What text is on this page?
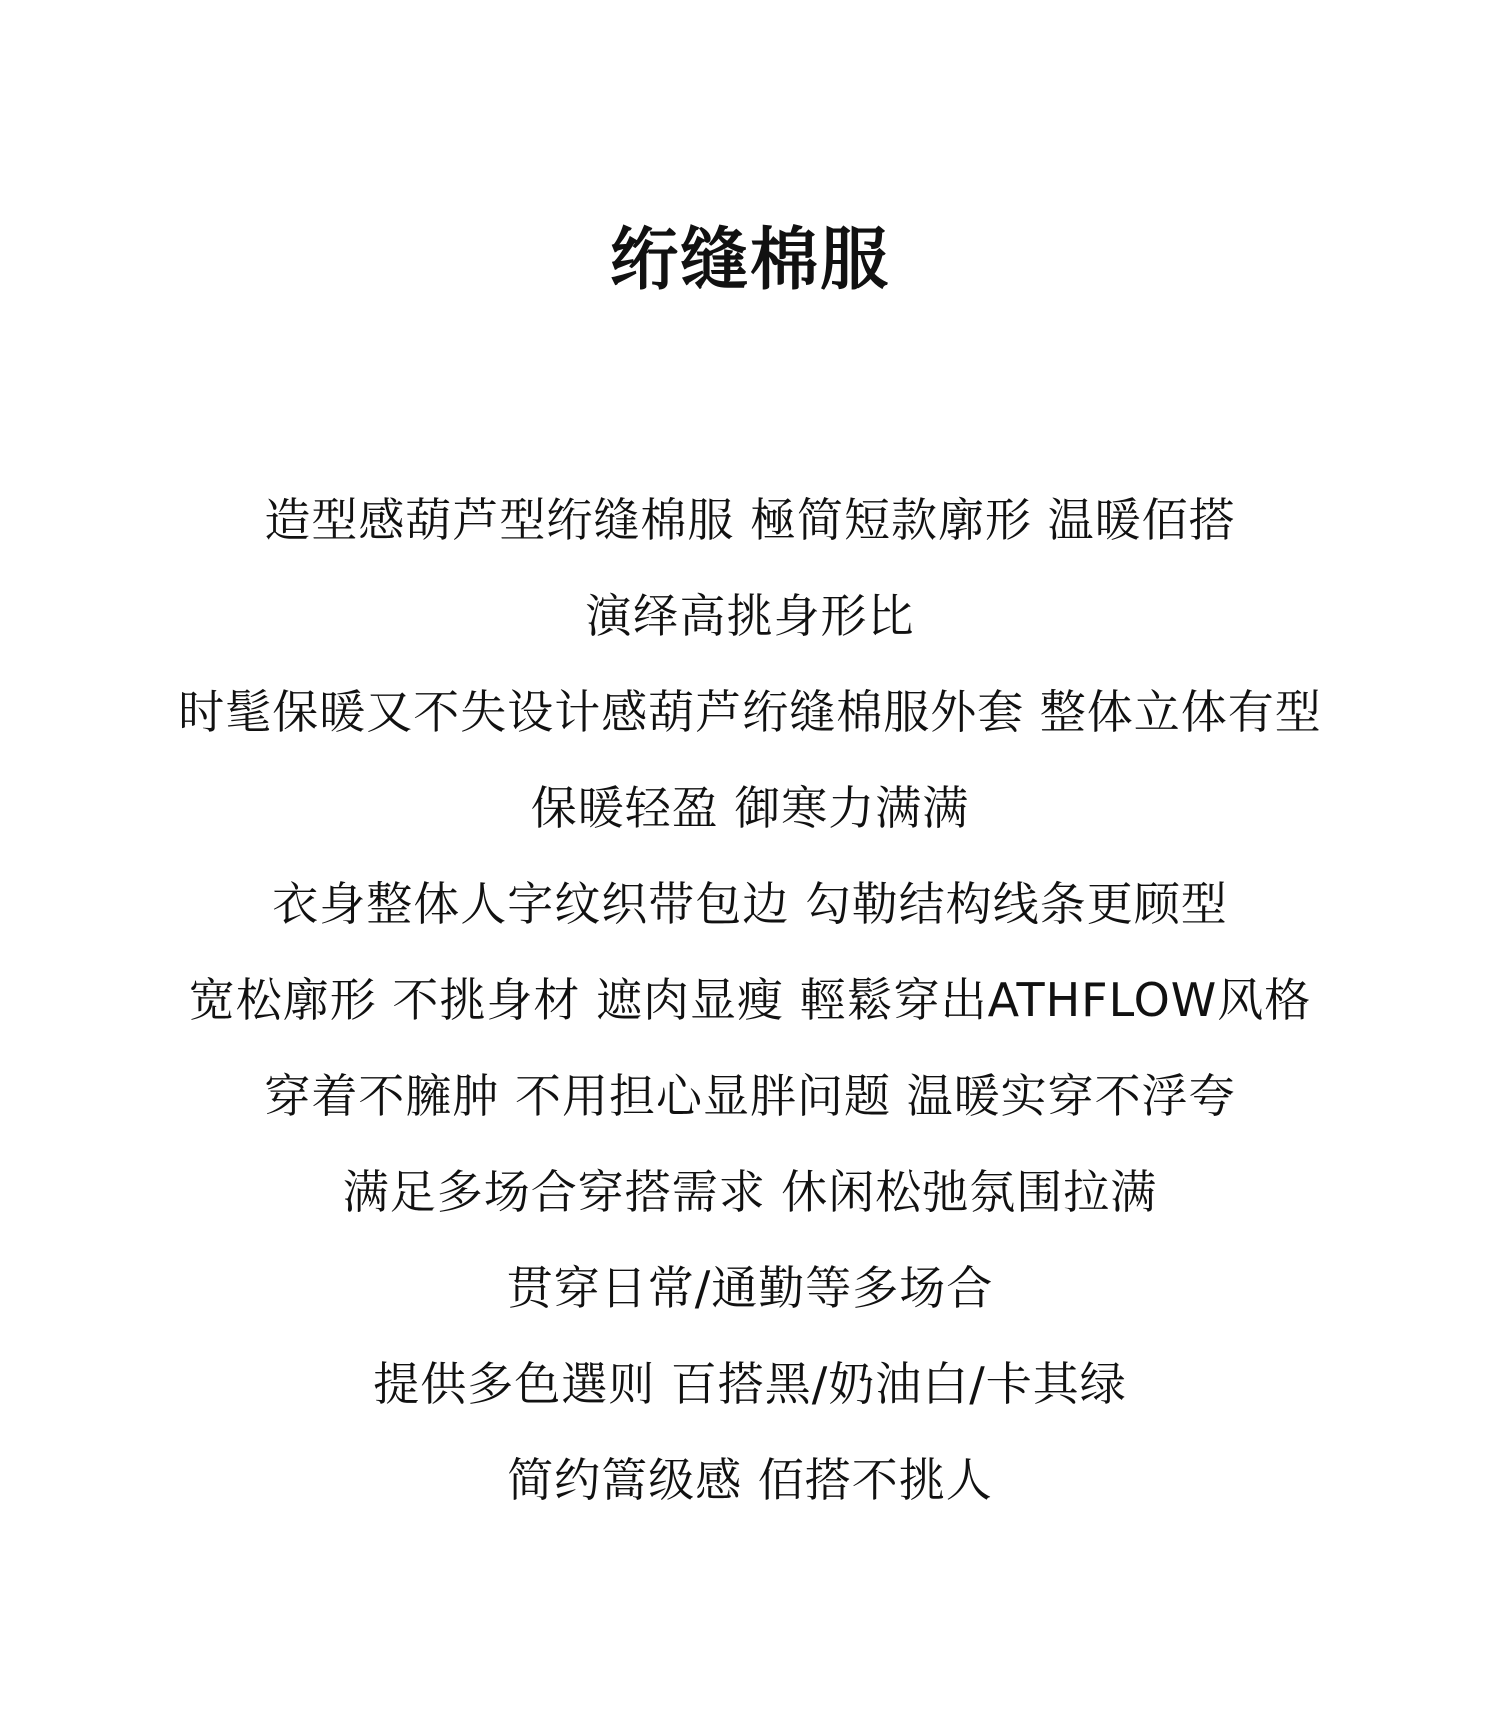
绗缝棉服
造型感葫芦型绗缝棉服 極简短款廓形 温暖佰搭
演绎高挑身形比
时髦保暖又不失设计感葫芦绗缝棉服外套 整体立体有型
保暖轻盈 御寒力满满
衣身整体人字纹织带包边 勾勒结构线条更顾型
宽松廓形 不挑身材 遮肉显瘦 輕鬆穿出ATHFLOW风格
穿着不臃肿 不用担心显胖问题 温暖实穿不浮夸
满足多场合穿搭需求 休闲松弛氛围拉满
贯穿日常/通勤等多场合
提供多色選则 百搭黑/奶油白/卡其绿
简约篙级感 佰搭不挑人
